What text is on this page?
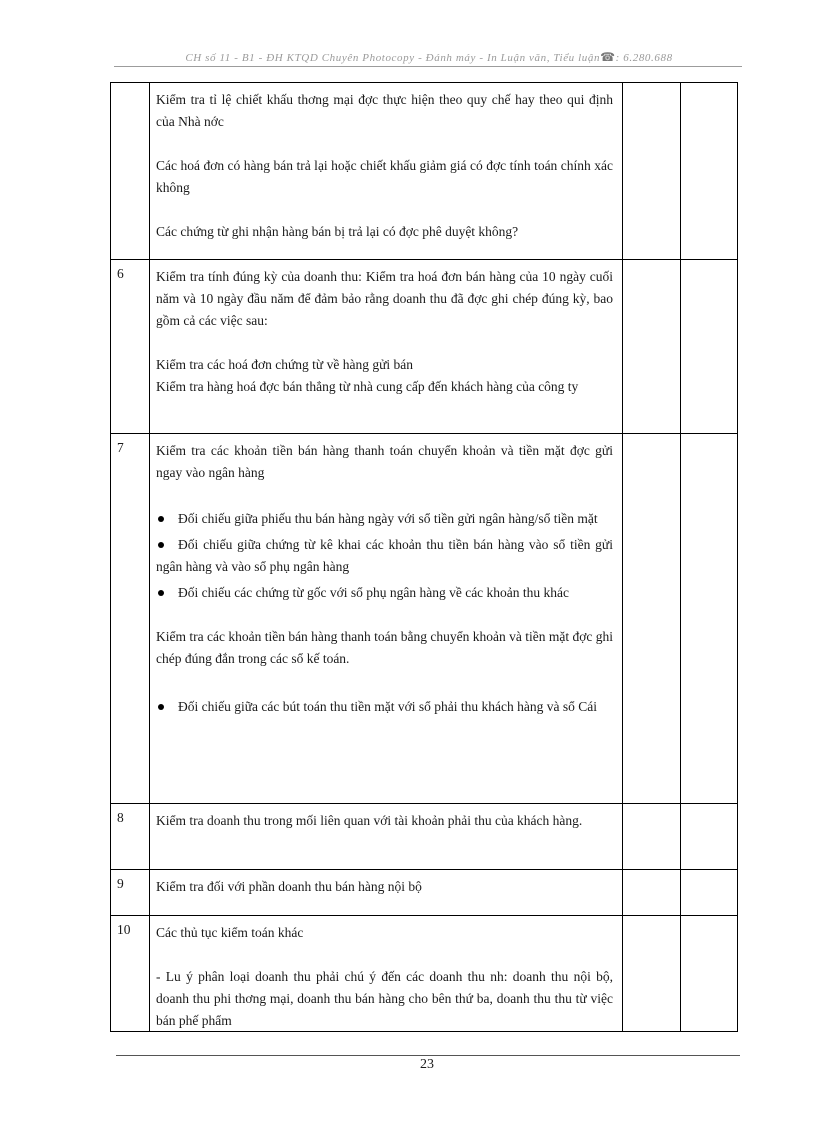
CH số 11 - B1 - ĐH KTQD Chuyên Photocopy - Đánh máy - In Luận văn, Tiểu luận☎: 6.280.688

Kiểm tra tỉ lệ chiết khấu thơng mại đợc thực hiện theo quy chế hay theo qui định của Nhà nớc

Các hoá đơn có hàng bán trả lại hoặc chiết khấu giảm giá có đợc tính toán chính xác không

Các chứng từ ghi nhận hàng bán bị trả lại có đợc phê duyệt không?

6	Kiểm tra tính đúng kỳ của doanh thu: Kiểm tra hoá đơn bán hàng của 10 ngày cuối năm và 10 ngày đầu năm để đảm bảo rằng doanh thu đã đợc ghi chép đúng kỳ, bao gồm cả các việc sau:

Kiểm tra các hoá đơn chứng từ về hàng gửi bán

Kiểm tra hàng hoá đợc bán thẳng từ nhà cung cấp đến khách hàng của công ty

7	Kiểm tra các khoản tiền bán hàng thanh toán chuyển khoản và tiền mặt đợc gửi ngay vào ngân hàng

Đối chiếu giữa phiếu thu bán hàng ngày với sổ tiền gửi ngân hàng/sổ tiền mặt

Đối chiếu giữa chứng từ kê khai các khoản thu tiền bán hàng vào sổ tiền gửi ngân hàng và vào sổ phụ ngân hàng

Đối chiếu các chứng từ gốc với sổ phụ ngân hàng về các khoản thu khác

Kiểm tra các khoản tiền bán hàng thanh toán bằng chuyển khoản và tiền mặt đợc ghi chép đúng đắn trong các sổ kế toán.

Đối chiếu giữa các bút toán thu tiền mặt với sổ phải thu khách hàng và sổ Cái

8	Kiểm tra doanh thu trong mối liên quan với tài khoản phải thu của khách hàng.

9	Kiểm tra đối với phần doanh thu bán hàng nội bộ

10	Các thủ tục kiểm toán khác

- Lu ý phân loại doanh thu phải chú ý đến các doanh thu nh: doanh thu nội bộ, doanh thu phi thơng mại, doanh thu bán hàng cho bên thứ ba, doanh thu thu từ việc bán phế phẩm

23
